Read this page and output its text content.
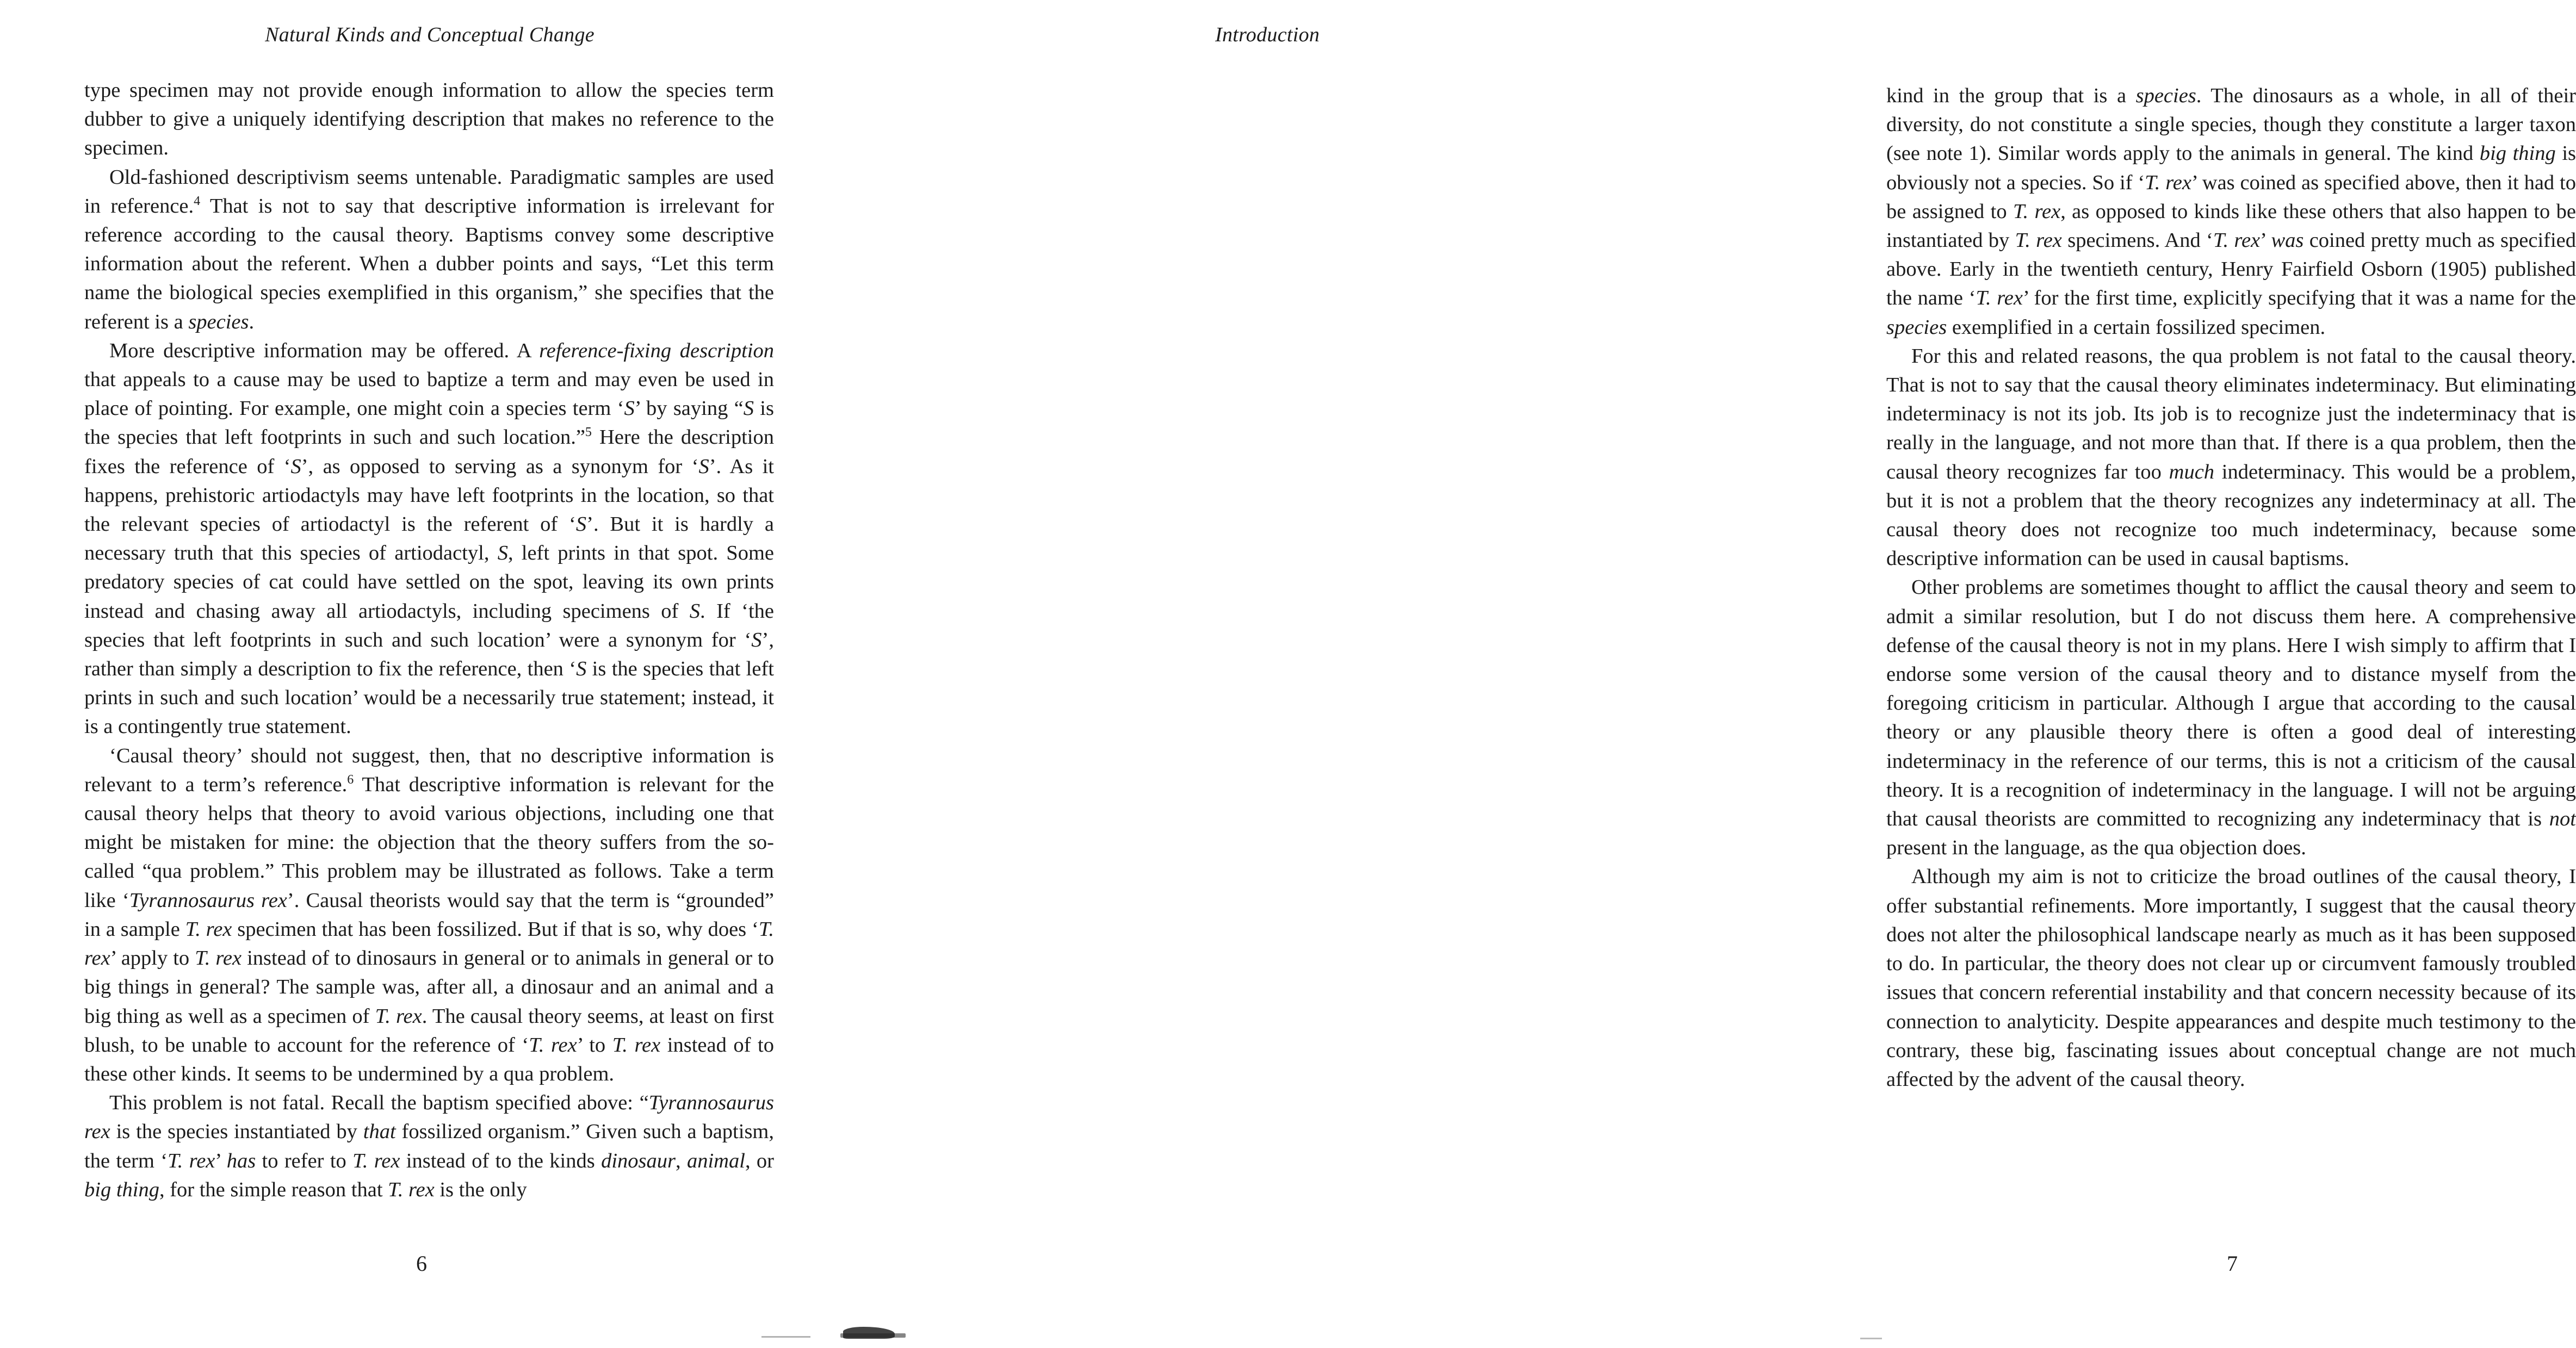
Natural Kinds and Conceptual Change

type specimen may not provide enough information to allow the species term dubber to give a uniquely identifying description that makes no reference to the specimen.

Old-fashioned descriptivism seems untenable. Paradigmatic samples are used in reference.$^4$ That is not to say that descriptive information is irrelevant for reference according to the causal theory. Baptisms convey some descriptive information about the referent. When a dubber points and says, “Let this term name the biological species exemplified in this organism,” she specifies that the referent is a species.

More descriptive information may be offered. A reference-fixing description that appeals to a cause may be used to baptize a term and may even be used in place of pointing. For example, one might coin a species term ‘S’ by saying “S is the species that left footprints in such and such location.”$^5$ Here the description fixes the reference of ‘S’, as opposed to serving as a synonym for ‘S’. As it happens, prehistoric artiodactyls may have left footprints in the location, so that the relevant species of artiodactyl is the referent of ‘S’. But it is hardly a necessary truth that this species of artiodactyl, S, left prints in that spot. Some predatory species of cat could have settled on the spot, leaving its own prints instead and chasing away all artiodactyls, including specimens of S. If ‘the species that left footprints in such and such location’ were a synonym for ‘S’, rather than simply a description to fix the reference, then ‘S is the species that left prints in such and such location’ would be a necessarily true statement; instead, it is a contingently true statement.

‘Causal theory’ should not suggest, then, that no descriptive information is relevant to a term’s reference.$^6$ That descriptive information is relevant for the causal theory helps that theory to avoid various objections, including one that might be mistaken for mine: the objection that the theory suffers from the so-called “qua problem.” This problem may be illustrated as follows. Take a term like ‘Tyrannosaurus rex’. Causal theorists would say that the term is “grounded” in a sample T. rex specimen that has been fossilized. But if that is so, why does ‘T. rex’ apply to T. rex instead of to dinosaurs in general or to animals in general or to big things in general? The sample was, after all, a dinosaur and an animal and a big thing as well as a specimen of T. rex. The causal theory seems, at least on first blush, to be unable to account for the reference of ‘T. rex’ to T. rex instead of to these other kinds. It seems to be undermined by a qua problem.

This problem is not fatal. Recall the baptism specified above: “Tyrannosaurus rex is the species instantiated by that fossilized organism.” Given such a baptism, the term ‘T. rex’ has to refer to T. rex instead of to the kinds dinosaur, animal, or big thing, for the simple reason that T. rex is the only

6
Introduction

kind in the group that is a species. The dinosaurs as a whole, in all of their diversity, do not constitute a single species, though they constitute a larger taxon (see note 1). Similar words apply to the animals in general. The kind big thing is obviously not a species. So if ‘T. rex’ was coined as specified above, then it had to be assigned to T. rex, as opposed to kinds like these others that also happen to be instantiated by T. rex specimens. And ‘T. rex’ was coined pretty much as specified above. Early in the twentieth century, Henry Fairfield Osborn (1905) published the name ‘T. rex’ for the first time, explicitly specifying that it was a name for the species exemplified in a certain fossilized specimen.

For this and related reasons, the qua problem is not fatal to the causal theory. That is not to say that the causal theory eliminates indeterminacy. But eliminating indeterminacy is not its job. Its job is to recognize just the indeterminacy that is really in the language, and not more than that. If there is a qua problem, then the causal theory recognizes far too much indeterminacy. This would be a problem, but it is not a problem that the theory recognizes any indeterminacy at all. The causal theory does not recognize too much indeterminacy, because some descriptive information can be used in causal baptisms.

Other problems are sometimes thought to afflict the causal theory and seem to admit a similar resolution, but I do not discuss them here. A comprehensive defense of the causal theory is not in my plans. Here I wish simply to affirm that I endorse some version of the causal theory and to distance myself from the foregoing criticism in particular. Although I argue that according to the causal theory or any plausible theory there is often a good deal of interesting indeterminacy in the reference of our terms, this is not a criticism of the causal theory. It is a recognition of indeterminacy in the language. I will not be arguing that causal theorists are committed to recognizing any indeterminacy that is not present in the language, as the qua objection does.

Although my aim is not to criticize the broad outlines of the causal theory, I offer substantial refinements. More importantly, I suggest that the causal theory does not alter the philosophical landscape nearly as much as it has been supposed to do. In particular, the theory does not clear up or circumvent famously troubled issues that concern referential instability and that concern necessity because of its connection to analyticity. Despite appearances and despite much testimony to the contrary, these big, fascinating issues about conceptual change are not much affected by the advent of the causal theory.

7
